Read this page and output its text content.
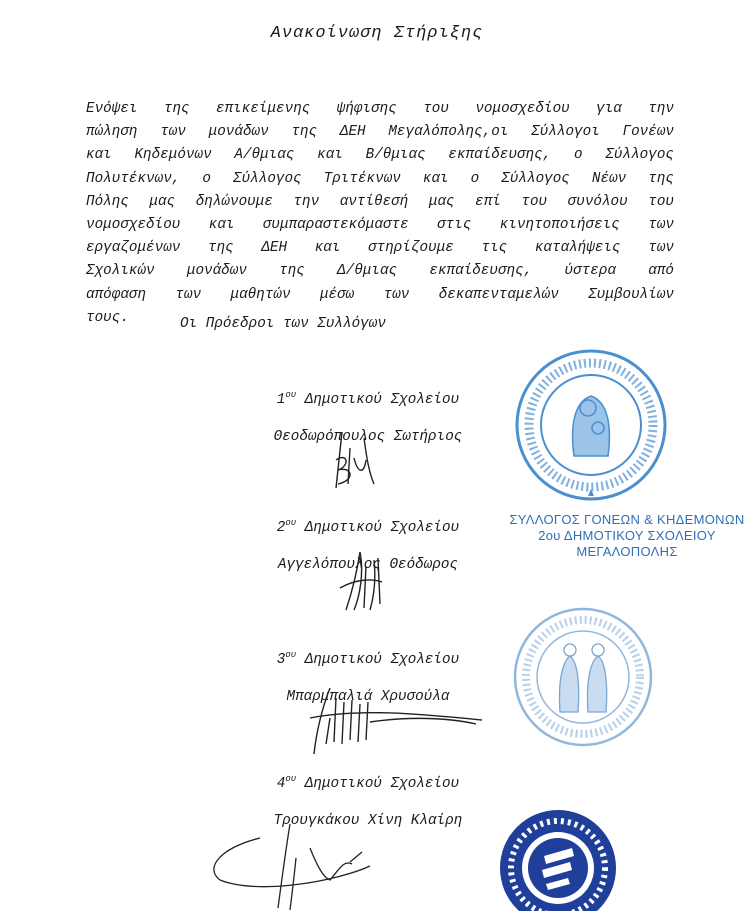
Ανακοίνωση Στήριξης
Ενόψει της επικείμενης ψήφισης του νομοσχεδίου για την
πώληση των μονάδων της ΔΕΗ Μεγαλόπολης,οι Σύλλογοι Γονέων
και Κηδεμόνων Α/θμιας και Β/θμιας εκπαίδευσης, ο Σύλλογος
Πολυτέκνων, ο Σύλλογος Τριτέκνων και ο Σύλλογος Νέων της
Πόλης μας δηλώνουμε την αντίθεσή μας επί του συνόλου του
νομοσχεδίου και συμπαραστεκόμαστε στις κινητοποιήσεις των
εργαζομένων της ΔΕΗ και στηρίζουμε τις καταλήψεις των
Σχολικών μονάδων της Δ/θμιας εκπαίδευσης, ύστερα από
απόφαση των μαθητών μέσω των δεκαπενταμελών Συμβουλίων
τους.	Οι Πρόεδροι των Συλλόγων
$1^{o\upsilon}$ Δημοτικού Σχολείου
Θεοδωρόπουλος Σωτήριος
$2^{o\upsilon}$ Δημοτικού Σχολείου
Αγγελόπουλος Θεόδωρος
$3^{o\upsilon}$ Δημοτικού Σχολείου
Μπαρμπαλιά Χρυσούλα
$4^{o\upsilon}$ Δημοτικού Σχολείου
Τρουγκάκου Χίνη Κλαίρη
ΣΥΛΛΟΓΟΣ ΓΟΝΕΩΝ & ΚΗΔΕΜΟΝΩΝ
2ου ΔΗΜΟΤΙΚΟΥ ΣΧΟΛΕΙΟΥ
ΜΕΓΑΛΟΠΟΛΗΣ
